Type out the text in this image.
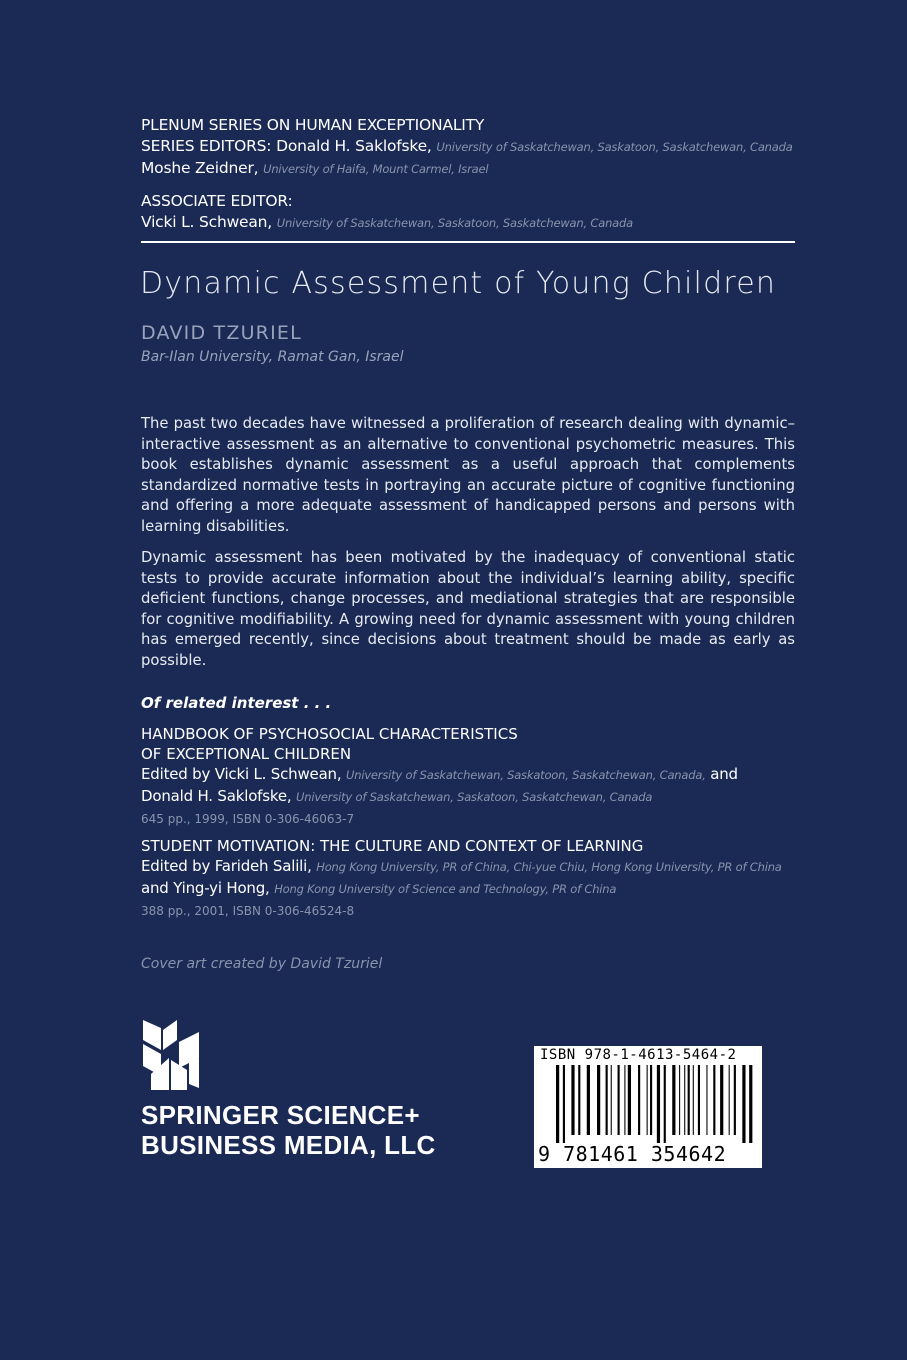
PLENUM SERIES ON HUMAN EXCEPTIONALITY
SERIES EDITORS: Donald H. Saklofske, University of Saskatchewan, Saskatoon, Saskatchewan, Canada
Moshe Zeidner, University of Haifa, Mount Carmel, Israel
ASSOCIATE EDITOR:
Vicki L. Schwean, University of Saskatchewan, Saskatoon, Saskatchewan, Canada
Dynamic Assessment of Young Children
DAVID TZURIEL
Bar-Ilan University, Ramat Gan, Israel
The past two decades have witnessed a proliferation of research dealing with dynamic–interactive assessment as an alternative to conventional psychometric measures. This book establishes dynamic assessment as a useful approach that complements standardized normative tests in portraying an accurate picture of cognitive functioning and offering a more adequate assessment of handicapped persons and persons with learning disabilities.
Dynamic assessment has been motivated by the inadequacy of conventional static tests to provide accurate information about the individual’s learning ability, specific deficient functions, change processes, and mediational strategies that are responsible for cognitive modifiability. A growing need for dynamic assessment with young children has emerged recently, since decisions about treatment should be made as early as possible.
Of related interest . . .
HANDBOOK OF PSYCHOSOCIAL CHARACTERISTICS
OF EXCEPTIONAL CHILDREN
Edited by Vicki L. Schwean, University of Saskatchewan, Saskatoon, Saskatchewan, Canada, and
Donald H. Saklofske, University of Saskatchewan, Saskatoon, Saskatchewan, Canada
645 pp., 1999, ISBN 0-306-46063-7
STUDENT MOTIVATION: THE CULTURE AND CONTEXT OF LEARNING
Edited by Farideh Salili, Hong Kong University, PR of China, Chi-yue Chiu, Hong Kong University, PR of China
and Ying-yi Hong, Hong Kong University of Science and Technology, PR of China
388 pp., 2001, ISBN 0-306-46524-8
Cover art created by David Tzuriel
SPRINGER SCIENCE+
BUSINESS MEDIA, LLC
ISBN 978-1-4613-5464-2
9 781461 354642
